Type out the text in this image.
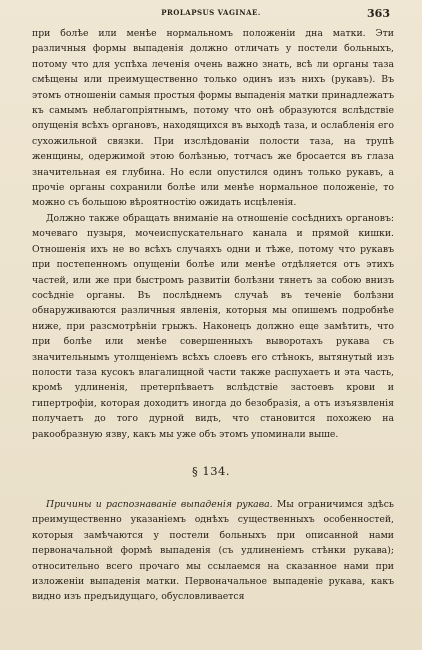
PROLAPSUS VAGINAE.	363

при болѣе или менѣе нормальномъ положеніи дна матки. Эти различныя формы выпаденія должно отличать у постели больныхъ, потому что для успѣха леченія очень важно знать, всѣ ли органы таза смѣщены или преимущественно только одинъ изъ нихъ (рукавъ). Въ этомъ отношеніи самыя простыя формы выпаденія матки принадлежатъ къ самымъ неблагопріятнымъ, потому что онѣ образуются вслѣдствіе опущенія всѣхъ органовъ, находящихся въ выходѣ таза, и ослабленія его сухожильной связки. При изслѣдованіи полости таза, на трупѣ женщины, одержимой этою болѣзнью, тотчасъ же бросается въ глаза значительная ея глубина. Но если опустился одинъ только рукавъ, а прочіе органы сохранили болѣе или менѣе нормальное положеніе, то можно съ большою вѣроятностію ожидать исцѣленія.

Должно также обращать вниманіе на отношеніе сосѣднихъ органовъ: мочеваго пузыря, мочеиспускательнаго канала и прямой кишки. Отношенія ихъ не во всѣхъ случаяхъ одни и тѣже, потому что рукавъ при постепенномъ опущеніи болѣе или менѣе отдѣляется отъ этихъ частей, или же при быстромъ развитіи болѣзни тянетъ за собою внизъ сосѣдніе органы. Въ послѣднемъ случаѣ въ теченіе болѣзни обнаруживаются различныя явленія, которыя мы опишемъ подробнѣе ниже, при разсмотрѣніи грыжъ. Наконецъ должно еще замѣтить, что при болѣе или менѣе совершенныхъ выворотахъ рукава съ значительнымъ утолщеніемъ всѣхъ слоевъ его стѣнокъ, вытянутый изъ полости таза кусокъ влагалищной части также распухаетъ и эта часть, кромѣ удлиненія, претерпѣваетъ вслѣдствіе застоевъ крови и гипертрофіи, которая доходитъ иногда до безобразія, а отъ изъязвленія получаетъ до того дурной видъ, что становится похожею на ракообразную язву, какъ мы уже объ этомъ упоминали выше.

§ 134.

Причины и распознаваніе выпаденія рукава. Мы ограничимся здѣсь преимущественно указаніемъ однѣхъ существенныхъ особенностей, которыя замѣчаются у постели больныхъ при описанной нами первоначальной формѣ выпаденія (съ удлиненіемъ стѣнки рукава); относительно всего прочаго мы ссылаемся на сказанное нами при изложеніи выпаденія матки. Первоначальное выпаденіе рукава, какъ видно изъ предъидущаго, обусловливается
